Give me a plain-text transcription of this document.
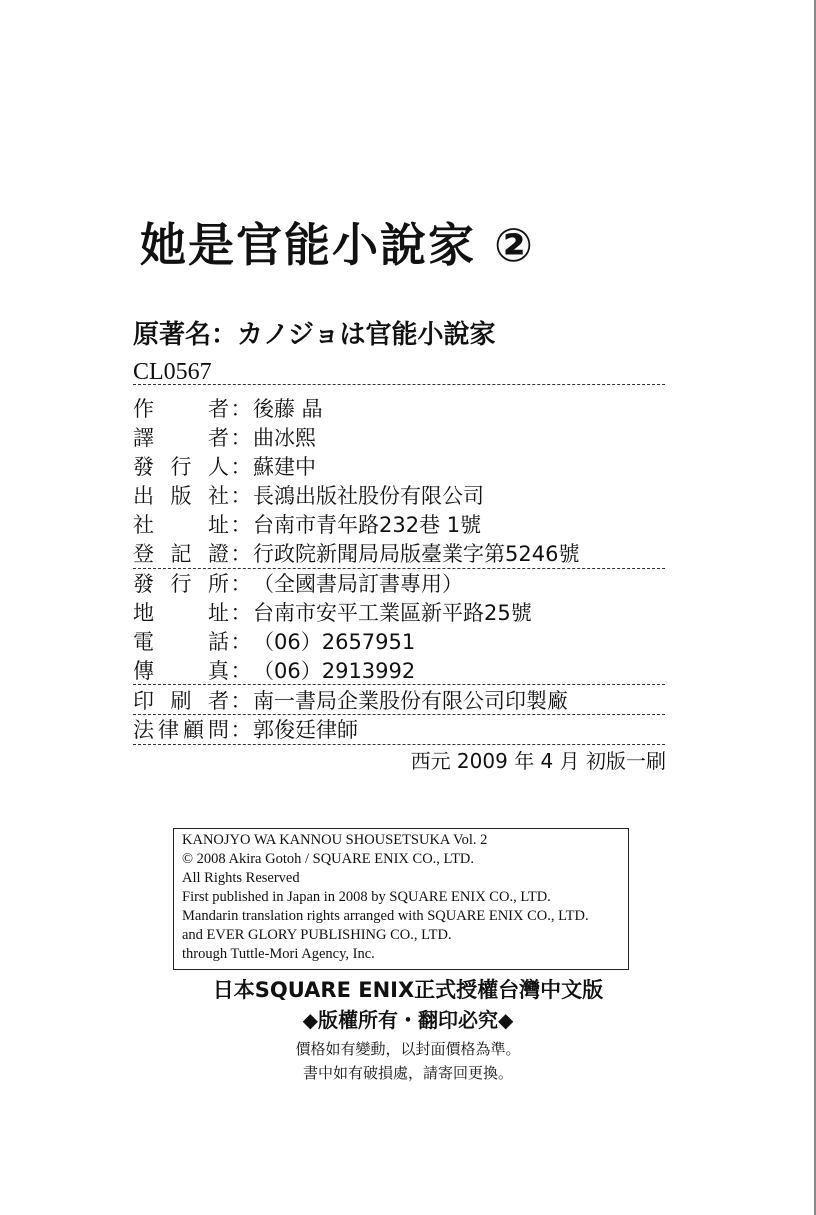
她是官能小說家 ②
原著名：カノジョは官能小說家
CL0567
作者：後藤 晶
譯者：曲冰熙
發行人：蘇建中
出版社：長鴻出版社股份有限公司
社址：台南市青年路232巷 1號
登記證：行政院新聞局局版臺業字第5246號
發行所：（全國書局訂書專用）
地址：台南市安平工業區新平路25號
電話：（06）2657951
傳真：（06）2913992
印刷者：南一書局企業股份有限公司印製廠
法律顧問：郭俊廷律師
西元 2009 年 4 月 初版一刷
KANOJYO WA KANNOU SHOUSETSUKA Vol. 2
© 2008 Akira Gotoh / SQUARE ENIX CO., LTD.
All Rights Reserved
First published in Japan in 2008 by SQUARE ENIX CO., LTD.
Mandarin translation rights arranged with SQUARE ENIX CO., LTD.
and EVER GLORY PUBLISHING CO., LTD.
through Tuttle-Mori Agency, Inc.
日本SQUARE ENIX正式授權台灣中文版
◆版權所有・翻印必究◆
價格如有變動，以封面價格為準。
書中如有破損處，請寄回更換。
